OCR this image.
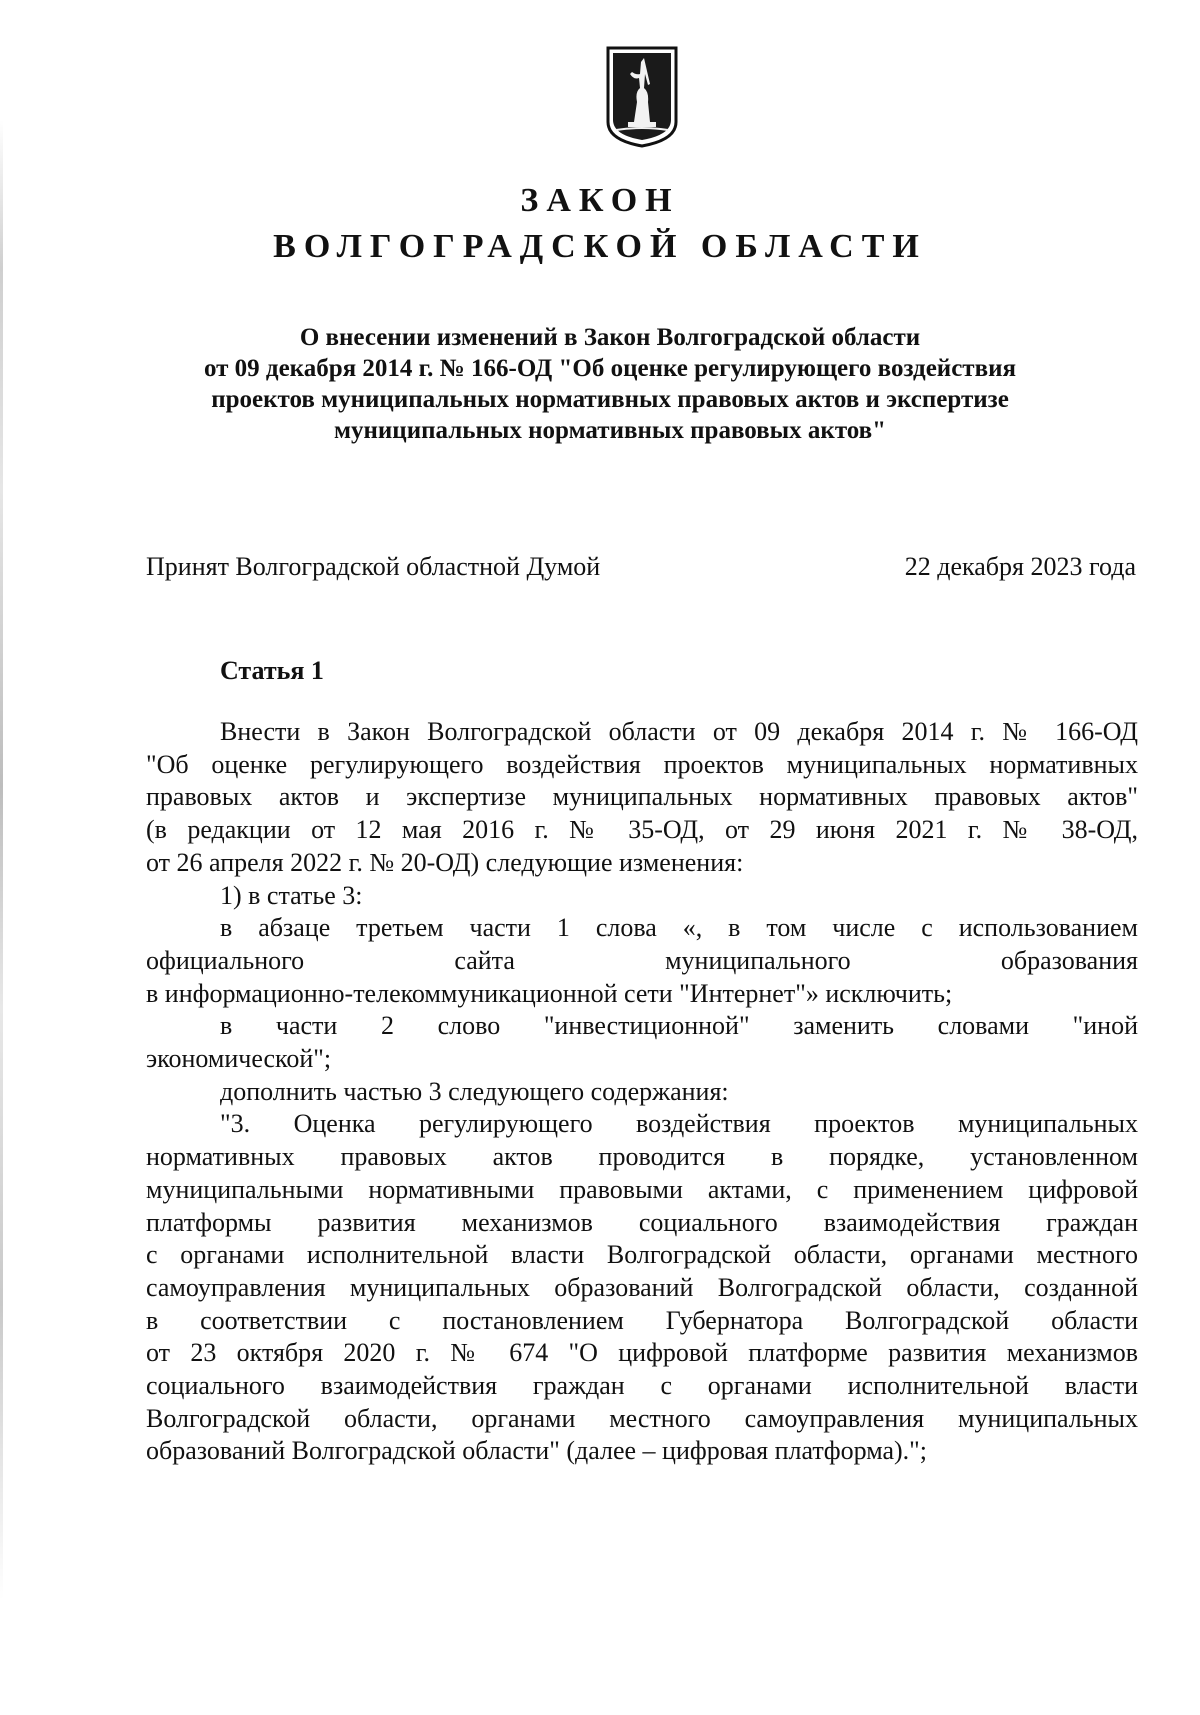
ЗАКОН
ВОЛГОГРАДСКОЙ ОБЛАСТИ
О внесении изменений в Закон Волгоградской области
от 09 декабря 2014 г. № 166-ОД "Об оценке регулирующего воздействия
проектов муниципальных нормативных правовых актов и экспертизе
муниципальных нормативных правовых актов"
Принят Волгоградской областной Думой	22 декабря 2023 года
Статья 1
Внести в Закон Волгоградской области от 09 декабря 2014 г. № 166-ОД
"Об оценке регулирующего воздействия проектов муниципальных нормативных
правовых актов и экспертизе муниципальных нормативных правовых актов"
(в редакции от 12 мая 2016 г. № 35-ОД, от 29 июня 2021 г. № 38-ОД,
от 26 апреля 2022 г. № 20-ОД) следующие изменения:
1) в статье 3:
в абзаце третьем части 1 слова «, в том числе с использованием
официального сайта муниципального образования
в информационно-телекоммуникационной сети "Интернет"» исключить;
в части 2 слово "инвестиционной" заменить словами "иной
экономической";
дополнить частью 3 следующего содержания:
"3. Оценка регулирующего воздействия проектов муниципальных
нормативных правовых актов проводится в порядке, установленном
муниципальными нормативными правовыми актами, с применением цифровой
платформы развития механизмов социального взаимодействия граждан
с органами исполнительной власти Волгоградской области, органами местного
самоуправления муниципальных образований Волгоградской области, созданной
в соответствии с постановлением Губернатора Волгоградской области
от 23 октября 2020 г. № 674 "О цифровой платформе развития механизмов
социального взаимодействия граждан с органами исполнительной власти
Волгоградской области, органами местного самоуправления муниципальных
образований Волгоградской области" (далее – цифровая платформа).";
